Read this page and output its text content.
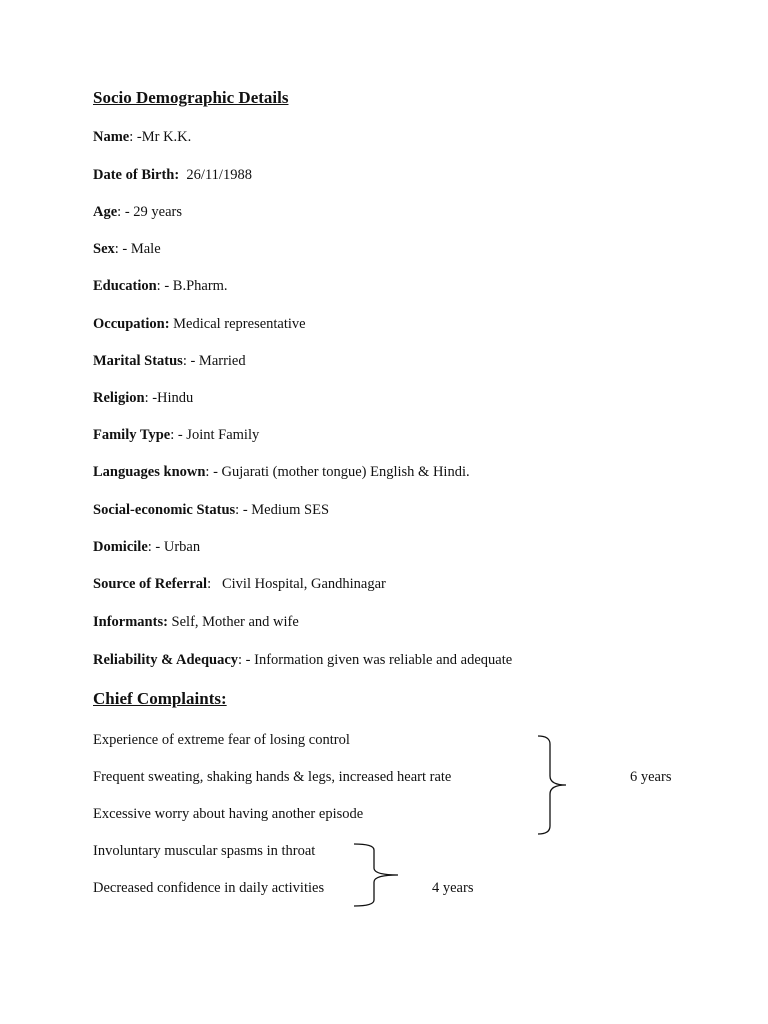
Socio Demographic Details
Name: -Mr K.K.
Date of Birth:  26/11/1988
Age: - 29 years
Sex: - Male
Education: - B.Pharm.
Occupation: Medical representative
Marital Status: - Married
Religion: -Hindu
Family Type: - Joint Family
Languages known: - Gujarati (mother tongue) English & Hindi.
Social-economic Status: - Medium SES
Domicile: - Urban
Source of Referral:   Civil Hospital, Gandhinagar
Informants: Self, Mother and wife
Reliability & Adequacy: - Information given was reliable and adequate
Chief Complaints:
Experience of extreme fear of losing control
Frequent sweating, shaking hands & legs, increased heart rate
Excessive worry about having another episode
6 years
Involuntary muscular spasms in throat
Decreased confidence in daily activities	4 years
